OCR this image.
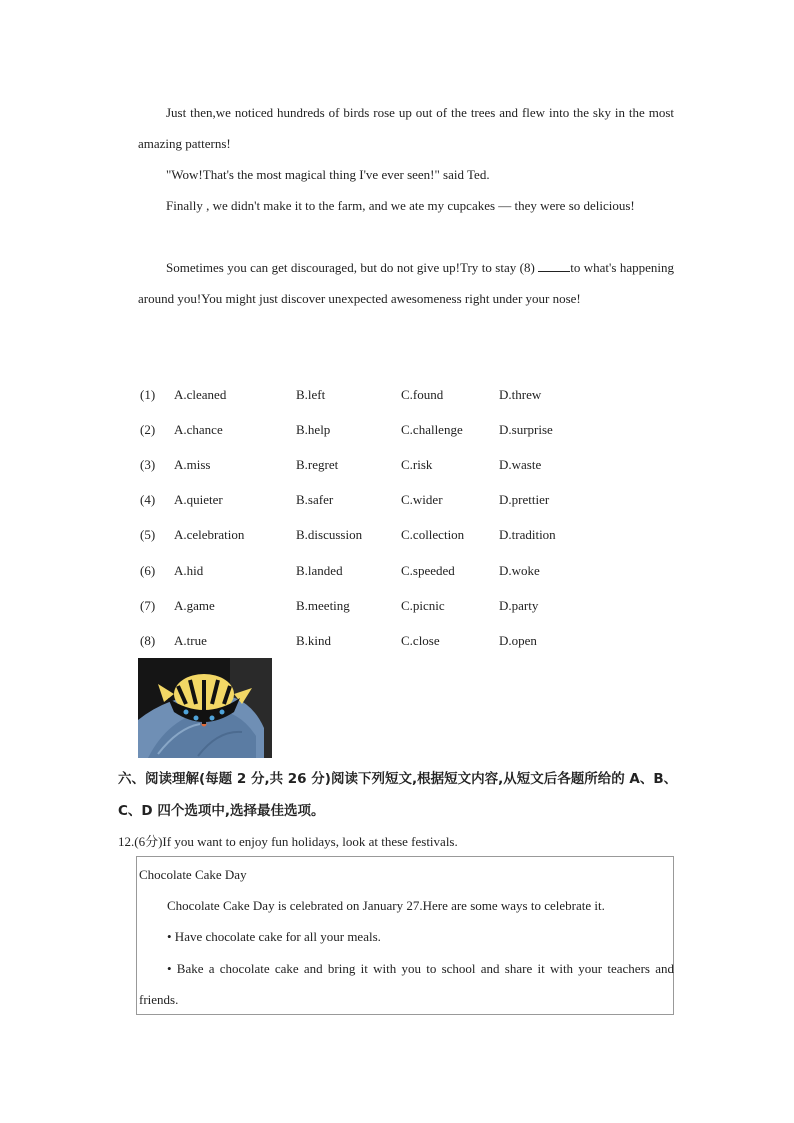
Just then,we noticed hundreds of birds rose up out of the trees and flew into the sky in the most amazing patterns!
"Wow!That's the most magical thing I've ever seen!" said Ted.
Finally , we didn't make it to the farm, and we ate my cupcakes — they were so delicious!
Sometimes you can get discouraged, but do not give up!Try to stay (8) to what's happening around you!You might just discover unexpected awesomeness right under your nose!
(1) A.cleaned	B.left	C.found	D.threw
(2) A.chance	B.help	C.challenge	D.surprise
(3) A.miss	B.regret	C.risk	D.waste
(4) A.quieter	B.safer	C.wider	D.prettier
(5) A.celebration	B.discussion	C.collection	D.tradition
(6) A.hid	B.landed	C.speeded	D.woke
(7) A.game	B.meeting	C.picnic	D.party
(8) A.true	B.kind	C.close	D.open
六、阅读理解(每题 2 分,共 26 分)阅读下列短文,根据短文内容,从短文后各题所给的 A、B、C、D 四个选项中,选择最佳选项。
12.(6分)If you want to enjoy fun holidays, look at these festivals.
Chocolate Cake Day
Chocolate Cake Day is celebrated on January 27.Here are some ways to celebrate it.
• Have chocolate cake for all your meals.
• Bake a chocolate cake and bring it with you to school and share it with your teachers and friends.
